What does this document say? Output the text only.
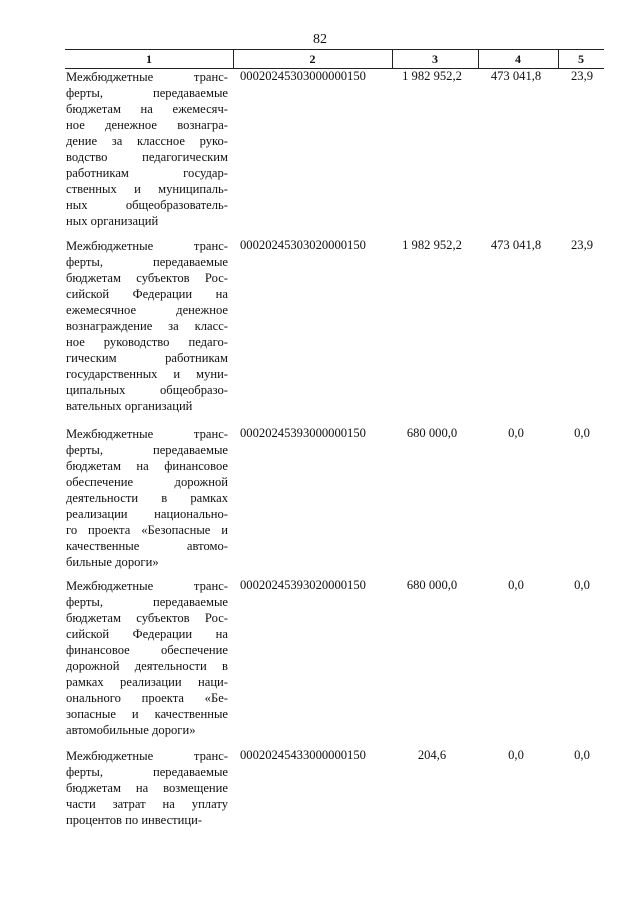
82
1	2	3	4	5
Межбюджетные транс-
ферты, передаваемые
бюджетам на ежемесяч-
ное денежное вознагра-
дение за классное руко-
водство педагогическим
работникам государ-
ственных и муниципаль-
ных общеобразователь-
ных организаций
00020245303000000150	1 982 952,2	473 041,8	23,9
Межбюджетные транс-
ферты, передаваемые
бюджетам субъектов Рос-
сийской Федерации на
ежемесячное денежное
вознаграждение за класс-
ное руководство педаго-
гическим работникам
государственных и муни-
ципальных общеобразо-
вательных организаций
00020245303020000150	1 982 952,2	473 041,8	23,9
Межбюджетные транс-
ферты, передаваемые
бюджетам на финансовое
обеспечение дорожной
деятельности в рамках
реализации национально-
го проекта «Безопасные и
качественные автомо-
бильные дороги»
00020245393000000150	680 000,0	0,0	0,0
Межбюджетные транс-
ферты, передаваемые
бюджетам субъектов Рос-
сийской Федерации на
финансовое обеспечение
дорожной деятельности в
рамках реализации наци-
онального проекта «Бе-
зопасные и качественные
автомобильные дороги»
00020245393020000150	680 000,0	0,0	0,0
Межбюджетные транс-
ферты, передаваемые
бюджетам на возмещение
части затрат на уплату
процентов по инвестици-
00020245433000000150	204,6	0,0	0,0
